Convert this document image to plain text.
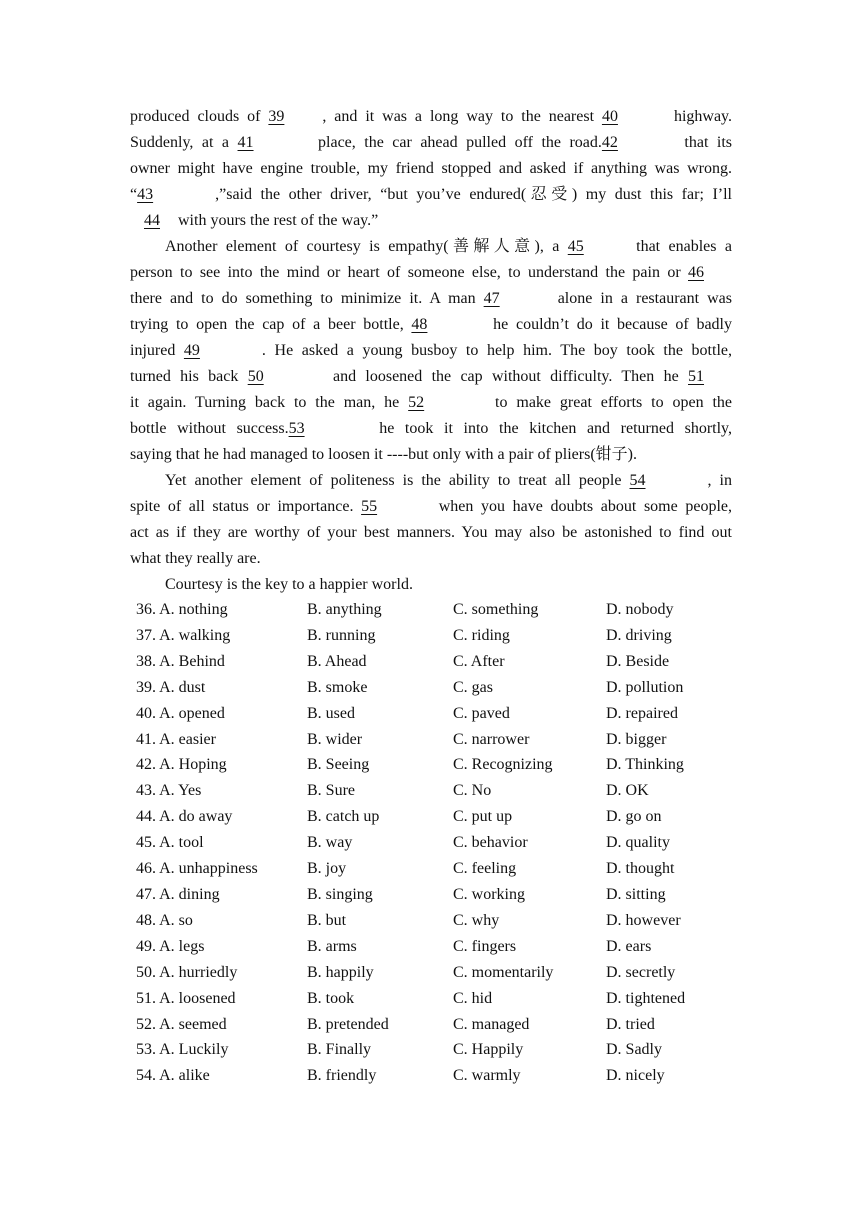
produced clouds of 39 , and it was a long way to the nearest 40	highway.
Suddenly, at a 41	place, the car ahead pulled off the road.42	that its
owner might have engine trouble, my friend stopped and asked if anything was wrong.
“43	,”said the other driver, “but you’ve endured(忍受) my dust this far; I’ll
44 with yours the rest of the way.”
Another element of courtesy is empathy(善解人意), a 45	that enables a
person to see into the mind or heart of someone else, to understand the pain or 46
there and to do something to minimize it. A man 47	alone in a restaurant was
trying to open the cap of a beer bottle, 48	he couldn’t do it because of badly
injured 49	. He asked a young busboy to help him. The boy took the bottle,
turned his back 50	and loosened the cap without difficulty. Then he 51
it again. Turning back to the man, he 52	to make great efforts to open the
bottle without success.53	he took it into the kitchen and returned shortly,
saying that he had managed to loosen it ----but only with a pair of pliers(钳子).
Yet another element of politeness is the ability to treat all people 54	, in
spite of all status or importance. 55	when you have doubts about some people,
act as if they are worthy of your best manners. You may also be astonished to find out
what they really are.
Courtesy is the key to a happier world.
36. A. nothing	B. anything	C. something	D. nobody
37. A. walking	B. running	C. riding	D. driving
38. A. Behind	B. Ahead	C. After	D. Beside
39. A. dust	B. smoke	C. gas	D. pollution
40. A. opened	B. used	C. paved	D. repaired
41. A. easier	B. wider	C. narrower	D. bigger
42. A. Hoping	B. Seeing	C. Recognizing	D. Thinking
43. A. Yes	B. Sure	C. No	D. OK
44. A. do away	B. catch up	C. put up	D. go on
45. A. tool	B. way	C. behavior	D. quality
46. A. unhappiness	B. joy	C. feeling	D. thought
47. A. dining	B. singing	C. working	D. sitting
48. A. so	B. but	C. why	D. however
49. A. legs	B. arms	C. fingers	D. ears
50. A. hurriedly	B. happily	C. momentarily	D. secretly
51. A. loosened	B. took	C. hid	D. tightened
52. A. seemed	B. pretended	C. managed	D. tried
53. A. Luckily	B. Finally	C. Happily	D. Sadly
54. A. alike	B. friendly	C. warmly	D. nicely
